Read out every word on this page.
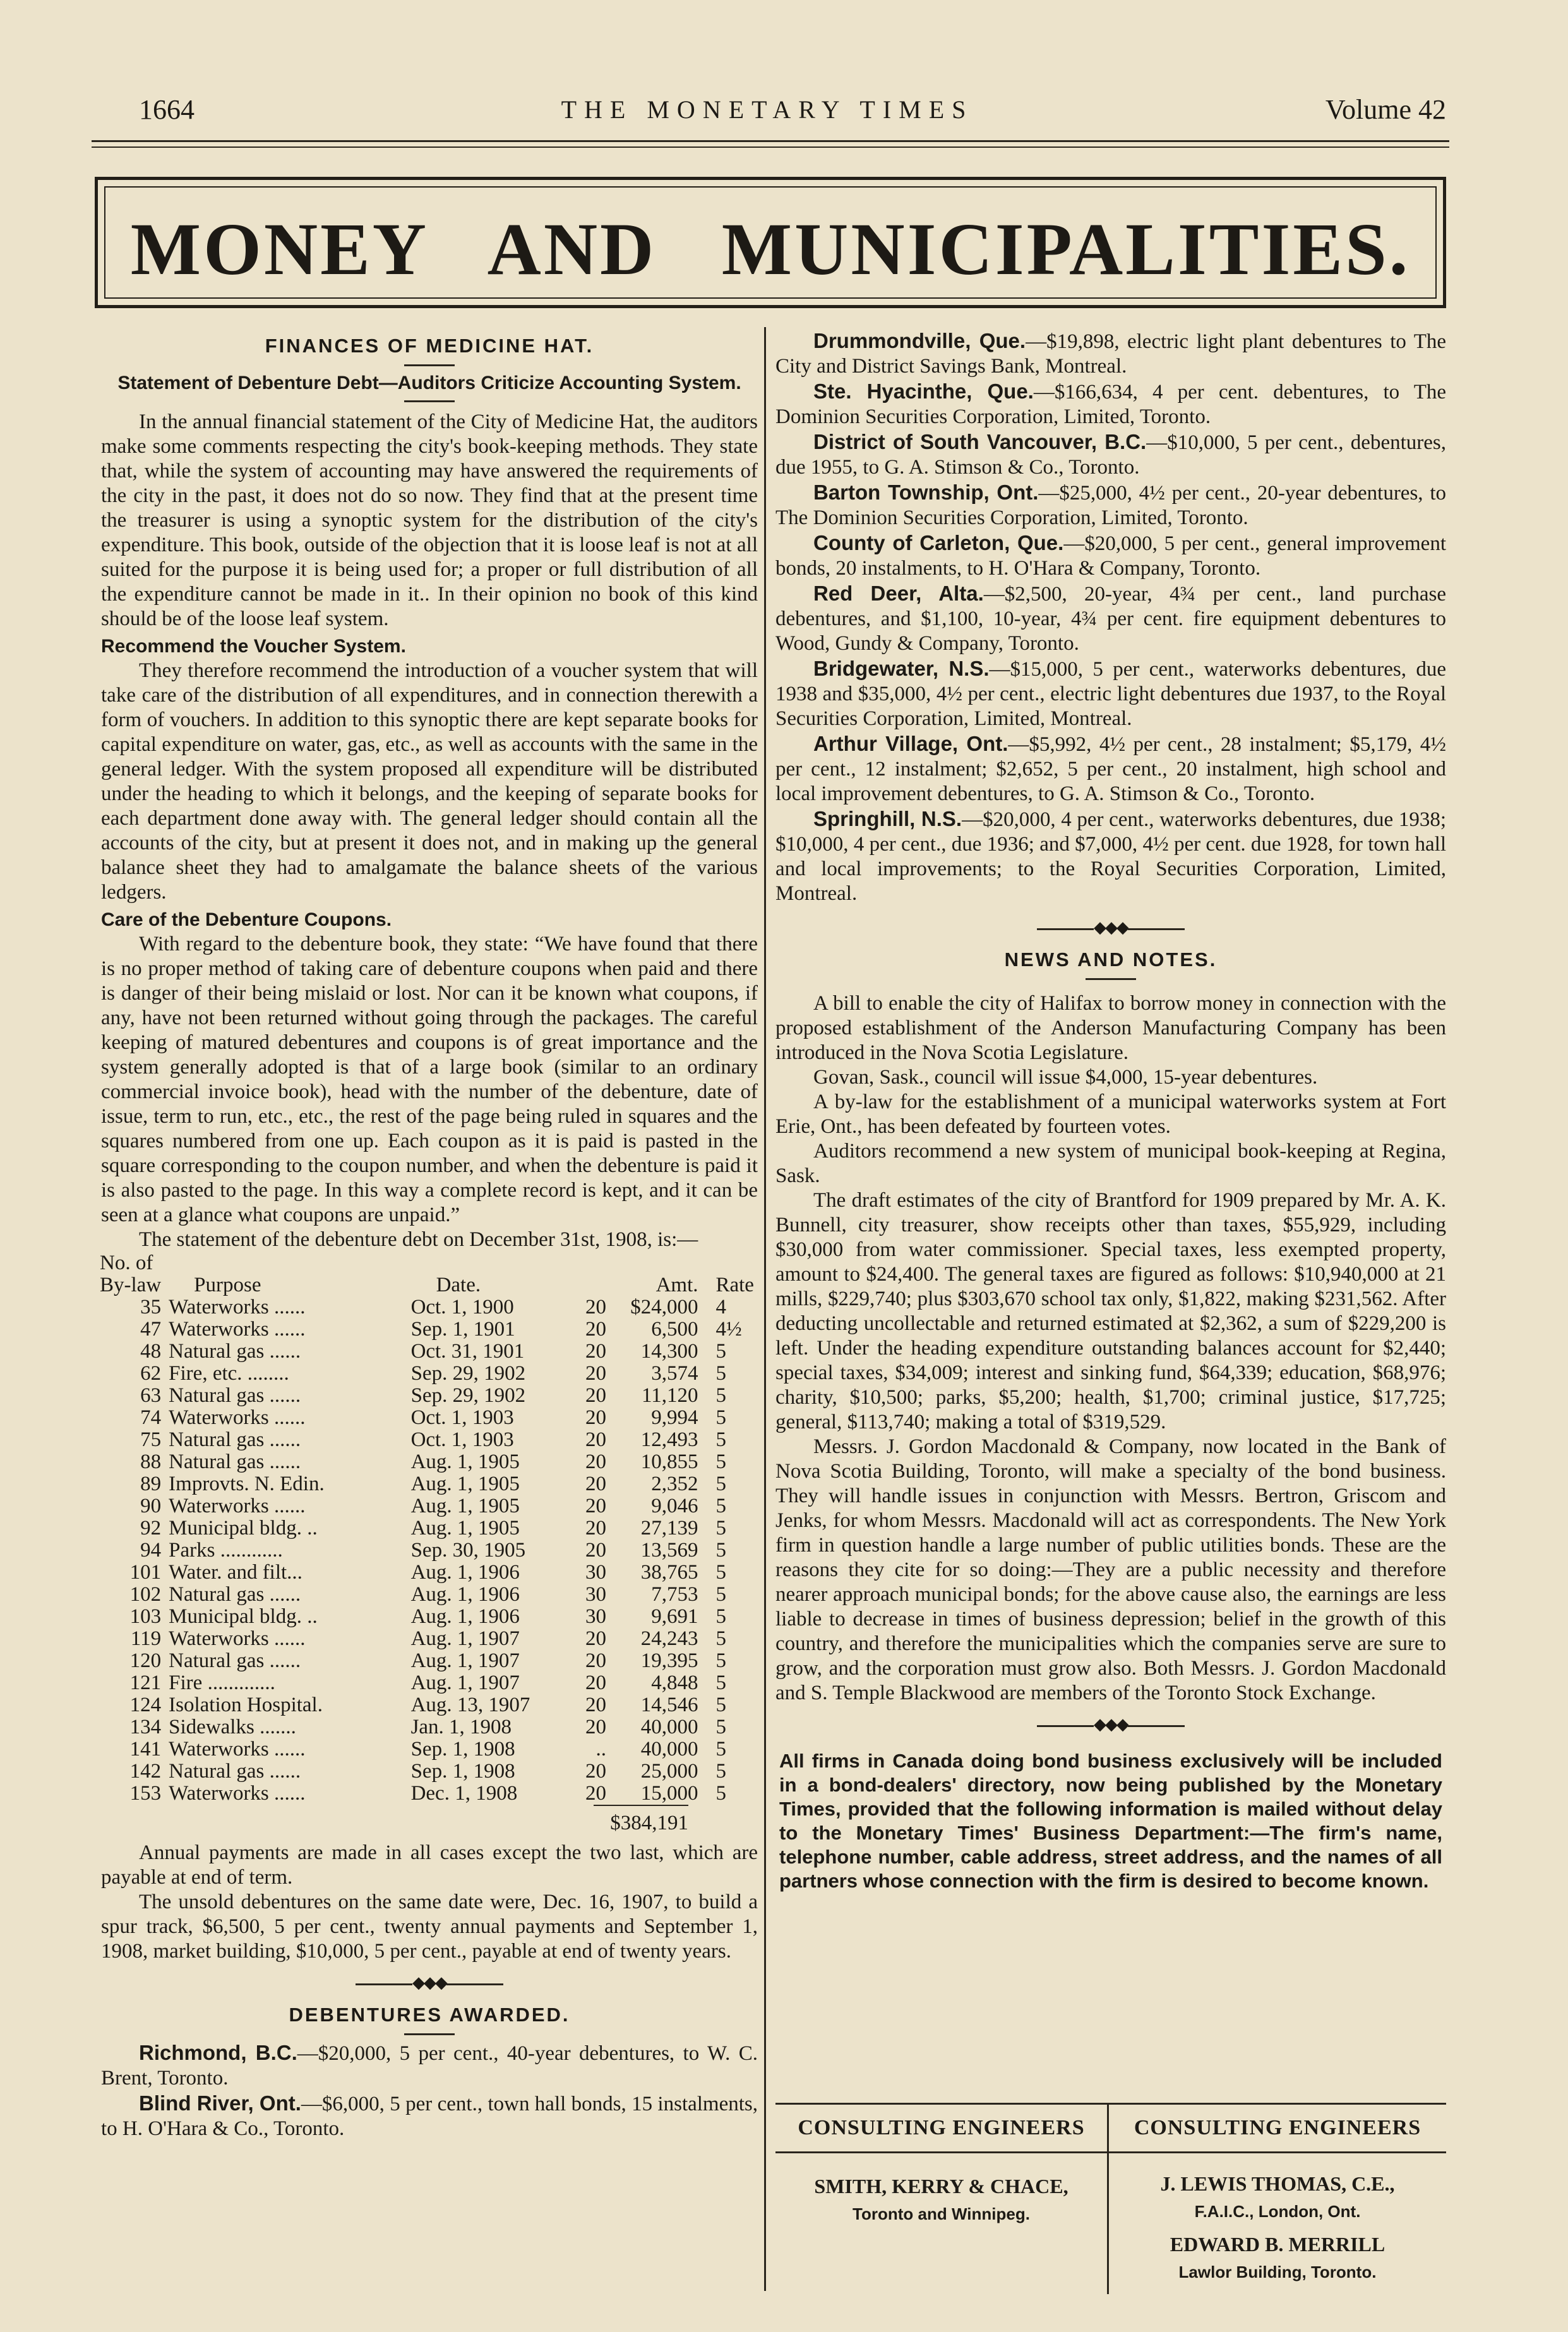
1664	THE MONETARY TIMES	Volume 42
MONEY AND MUNICIPALITIES.
FINANCES OF MEDICINE HAT.
Statement of Debenture Debt—Auditors Criticize Accounting System.

In the annual financial statement of the City of Medicine Hat, the auditors make some comments respecting the city's book-keeping methods. They state that, while the system of accounting may have answered the requirements of the city in the past, it does not do so now. They find that at the present time the treasurer is using a synoptic system for the distribution of the city's expenditure. This book, outside of the objection that it is loose leaf is not at all suited for the purpose it is being used for; a proper or full distribution of all the expenditure cannot be made in it.. In their opinion no book of this kind should be of the loose leaf system.

Recommend the Voucher System.

They therefore recommend the introduction of a voucher system that will take care of the distribution of all expenditures, and in connection therewith a form of vouchers. In addition to this synoptic there are kept separate books for capital expenditure on water, gas, etc., as well as accounts with the same in the general ledger. With the system proposed all expenditure will be distributed under the heading to which it belongs, and the keeping of separate books for each department done away with. The general ledger should contain all the accounts of the city, but at present it does not, and in making up the general balance sheet they had to amalgamate the balance sheets of the various ledgers.

Care of the Debenture Coupons.

With regard to the debenture book, they state: “We have found that there is no proper method of taking care of debenture coupons when paid and there is danger of their being mislaid or lost. Nor can it be known what coupons, if any, have not been returned without going through the packages. The careful keeping of matured debentures and coupons is of great importance and the system generally adopted is that of a large book (similar to an ordinary commercial invoice book), head with the number of the debenture, date of issue, term to run, etc., etc., the rest of the page being ruled in squares and the squares numbered from one up. Each coupon as it is paid is pasted in the square corresponding to the coupon number, and when the debenture is paid it is also pasted to the page. In this way a complete record is kept, and it can be seen at a glance what coupons are unpaid.”

The statement of the debenture debt on December 31st, 1908, is:—

No. of					
By-law	Purpose	Date.		Amt.	Rate
35	Waterworks ......	Oct. 1, 1900	20	$24,000	4
47	Waterworks ......	Sep. 1, 1901	20	6,500	4½
48	Natural gas ......	Oct. 31, 1901	20	14,300	5
62	Fire, etc. ........	Sep. 29, 1902	20	3,574	5
63	Natural gas ......	Sep. 29, 1902	20	11,120	5
74	Waterworks ......	Oct. 1, 1903	20	9,994	5
75	Natural gas ......	Oct. 1, 1903	20	12,493	5
88	Natural gas ......	Aug. 1, 1905	20	10,855	5
89	Improvts. N. Edin.	Aug. 1, 1905	20	2,352	5
90	Waterworks ......	Aug. 1, 1905	20	9,046	5
92	Municipal bldg. ..	Aug. 1, 1905	20	27,139	5
94	Parks ............	Sep. 30, 1905	20	13,569	5
101	Water. and filt...	Aug. 1, 1906	30	38,765	5
102	Natural gas ......	Aug. 1, 1906	30	7,753	5
103	Municipal bldg. ..	Aug. 1, 1906	30	9,691	5
119	Waterworks ......	Aug. 1, 1907	20	24,243	5
120	Natural gas ......	Aug. 1, 1907	20	19,395	5
121	Fire .............	Aug. 1, 1907	20	4,848	5
124	Isolation Hospital.	Aug. 13, 1907	20	14,546	5
134	Sidewalks .......	Jan. 1, 1908	20	40,000	5
141	Waterworks ......	Sep. 1, 1908	..	40,000	5
142	Natural gas ......	Sep. 1, 1908	20	25,000	5
153	Waterworks ......	Dec. 1, 1908	20	15,000	5
$384,191

Annual payments are made in all cases except the two last, which are payable at end of term.

The unsold debentures on the same date were, Dec. 16, 1907, to build a spur track, $6,500, 5 per cent., twenty annual payments and September 1, 1908, market building, $10,000, 5 per cent., payable at end of twenty years.

◆◆◆
DEBENTURES AWARDED.

Richmond, B.C.—$20,000, 5 per cent., 40-year debentures, to W. C. Brent, Toronto.

Blind River, Ont.—$6,000, 5 per cent., town hall bonds, 15 instalments, to H. O'Hara & Co., Toronto.

Drummondville, Que.—$19,898, electric light plant debentures to The City and District Savings Bank, Montreal.

Ste. Hyacinthe, Que.—$166,634, 4 per cent. debentures, to The Dominion Securities Corporation, Limited, Toronto.

District of South Vancouver, B.C.—$10,000, 5 per cent., debentures, due 1955, to G. A. Stimson & Co., Toronto.

Barton Township, Ont.—$25,000, 4½ per cent., 20-year debentures, to The Dominion Securities Corporation, Limited, Toronto.

County of Carleton, Que.—$20,000, 5 per cent., general improvement bonds, 20 instalments, to H. O'Hara & Company, Toronto.

Red Deer, Alta.—$2,500, 20-year, 4¾ per cent., land purchase debentures, and $1,100, 10-year, 4¾ per cent. fire equipment debentures to Wood, Gundy & Company, Toronto.

Bridgewater, N.S.—$15,000, 5 per cent., waterworks debentures, due 1938 and $35,000, 4½ per cent., electric light debentures due 1937, to the Royal Securities Corporation, Limited, Montreal.

Arthur Village, Ont.—$5,992, 4½ per cent., 28 instalment; $5,179, 4½ per cent., 12 instalment; $2,652, 5 per cent., 20 instalment, high school and local improvement debentures, to G. A. Stimson & Co., Toronto.

Springhill, N.S.—$20,000, 4 per cent., waterworks debentures, due 1938; $10,000, 4 per cent., due 1936; and $7,000, 4½ per cent. due 1928, for town hall and local improvements; to the Royal Securities Corporation, Limited, Montreal.

◆◆◆
NEWS AND NOTES.

A bill to enable the city of Halifax to borrow money in connection with the proposed establishment of the Anderson Manufacturing Company has been introduced in the Nova Scotia Legislature.

Govan, Sask., council will issue $4,000, 15-year debentures.

A by-law for the establishment of a municipal waterworks system at Fort Erie, Ont., has been defeated by fourteen votes.

Auditors recommend a new system of municipal book-keeping at Regina, Sask.

The draft estimates of the city of Brantford for 1909 prepared by Mr. A. K. Bunnell, city treasurer, show receipts other than taxes, $55,929, including $30,000 from water commissioner. Special taxes, less exempted property, amount to $24,400. The general taxes are figured as follows: $10,940,000 at 21 mills, $229,740; plus $303,670 school tax only, $1,822, making $231,562. After deducting uncollectable and returned estimated at $2,362, a sum of $229,200 is left. Under the heading expenditure outstanding balances account for $2,440; special taxes, $34,009; interest and sinking fund, $64,339; education, $68,976; charity, $10,500; parks, $5,200; health, $1,700; criminal justice, $17,725; general, $113,740; making a total of $319,529.

Messrs. J. Gordon Macdonald & Company, now located in the Bank of Nova Scotia Building, Toronto, will make a specialty of the bond business. They will handle issues in conjunction with Messrs. Bertron, Griscom and Jenks, for whom Messrs. Macdonald will act as correspondents. The New York firm in question handle a large number of public utilities bonds. These are the reasons they cite for so doing:—They are a public necessity and therefore nearer approach municipal bonds; for the above cause also, the earnings are less liable to decrease in times of business depression; belief in the growth of this country, and therefore the municipalities which the companies serve are sure to grow, and the corporation must grow also. Both Messrs. J. Gordon Macdonald and S. Temple Blackwood are members of the Toronto Stock Exchange.

◆◆◆
All firms in Canada doing bond business exclusively will be included in a bond-dealers' directory, now being published by the Monetary Times, provided that the following information is mailed without delay to the Monetary Times' Business Department:—The firm's name, telephone number, cable address, street address, and the names of all partners whose connection with the firm is desired to become known.
CONSULTING ENGINEERS
SMITH, KERRY & CHACE,
Toronto and Winnipeg.
CONSULTING ENGINEERS
J. LEWIS THOMAS, C.E.,
F.A.I.C., London, Ont.
EDWARD B. MERRILL
Lawlor Building, Toronto.
